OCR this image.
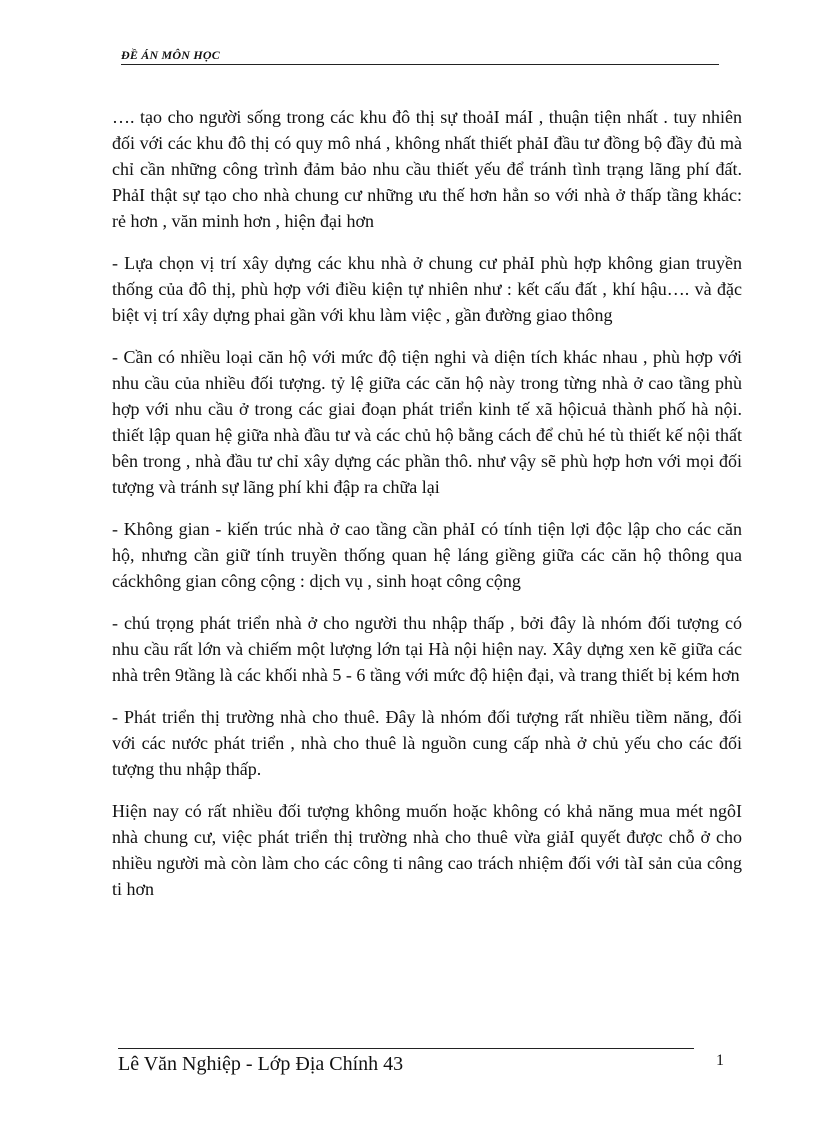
ĐỀ ÁN MÔN HỌC

…. tạo cho người sống trong các khu đô thị sự thoảI máI , thuận tiện nhất . tuy nhiên đối với các khu đô thị có quy mô nhá , không nhất thiết phảI đầu tư đồng bộ đầy đủ mà chỉ cần những công trình đảm bảo nhu cầu thiết yếu để tránh tình trạng lãng phí đất. PhảI thật sự tạo cho nhà chung cư những ưu thế hơn hẳn so với nhà ở thấp tầng khác: rẻ hơn , văn minh hơn , hiện đại hơn

- Lựa chọn vị trí xây dựng các khu nhà ở chung cư phảI phù hợp không gian truyền thống của đô thị, phù hợp với điều kiện tự nhiên như : kết cấu đất , khí hậu…. và đặc biệt vị trí xây dựng phai gần với khu làm việc , gần đường giao thông

- Cần có nhiều loại căn hộ với mức độ tiện nghi và diện tích khác nhau , phù hợp với nhu cầu của nhiều đối tượng. tỷ lệ giữa các căn hộ này trong từng nhà ở cao tầng phù hợp với nhu cầu ở trong các giai đoạn phát triển kinh tế xã hộicuả thành phố hà nội. thiết lập quan hệ giữa nhà đầu tư và các chủ hộ bằng cách để chủ hé tù thiết kế nội thất bên trong , nhà đầu tư chỉ xây dựng các phần thô. như vậy sẽ phù hợp hơn với mọi đối tượng và tránh sự lãng phí khi đập ra chữa lại

- Không gian - kiến trúc nhà ở cao tầng cần phảI có tính tiện lợi độc lập cho các căn hộ, nhưng cần giữ tính truyền thống quan hệ láng giềng giữa các căn hộ thông qua cáckhông gian công cộng : dịch vụ , sinh hoạt công cộng

- chú trọng phát triển nhà ở cho người thu nhập thấp , bởi đây là nhóm đối tượng có nhu cầu rất lớn và chiếm một lượng lớn tại Hà nội hiện nay. Xây dựng xen kẽ giữa các nhà trên 9tầng là các khối nhà 5 - 6 tầng với mức độ hiện đại, và trang thiết bị kém hơn

- Phát triển thị trường nhà cho thuê. Đây là nhóm đối tượng rất nhiều tiềm năng, đối với các nước phát triển , nhà cho thuê là nguồn cung cấp nhà ở chủ yếu cho các đối tượng thu nhập thấp.

Hiện nay có rất nhiều đối tượng không muốn hoặc không có khả năng mua mét ngôI nhà chung cư, việc phát triển thị trường nhà cho thuê vừa giảI quyết được chỗ ở cho nhiều người mà còn làm cho các công ti nâng cao trách nhiệm đối với tàI sản của công ti hơn

Lê Văn Nghiệp - Lớp Địa Chính 43	1
